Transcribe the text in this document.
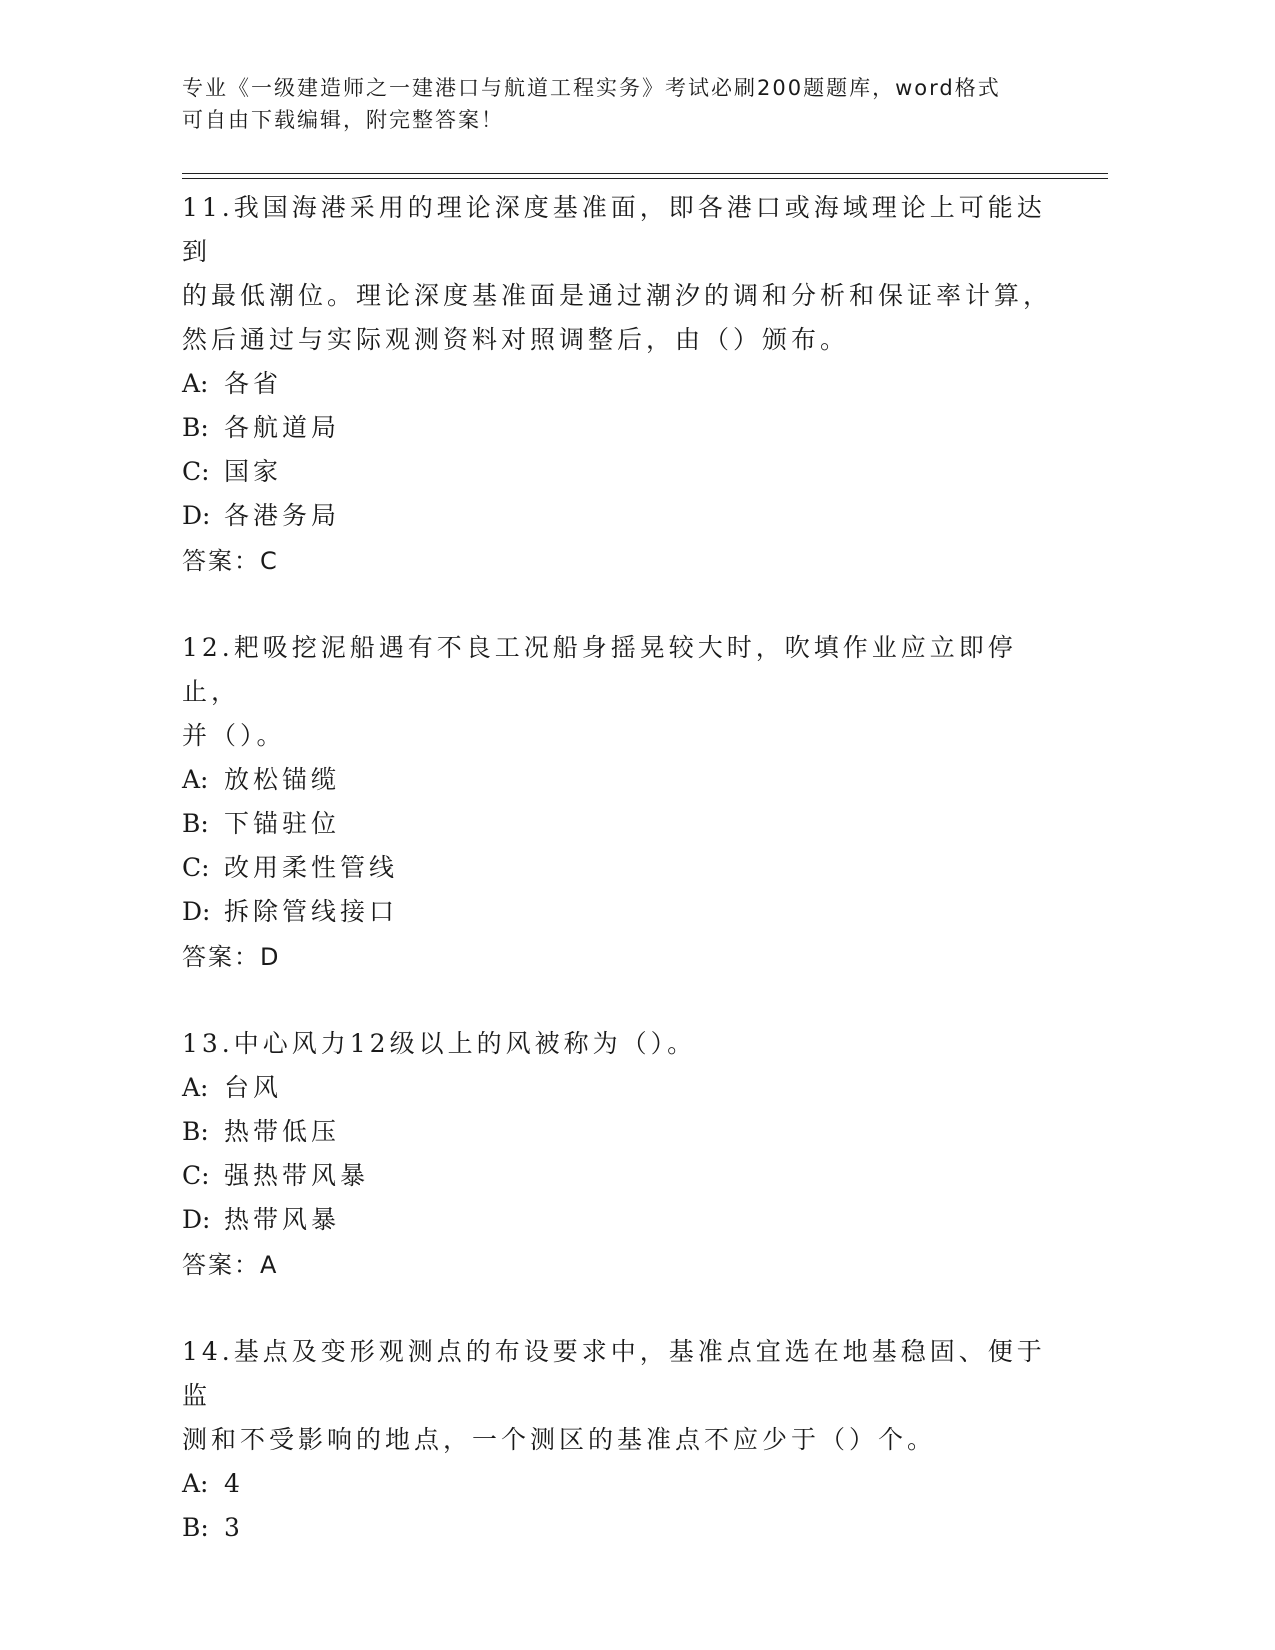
专业《一级建造师之一建港口与航道工程实务》考试必刷200题题库，word格式
可自由下载编辑，附完整答案！

11.我国海港采用的理论深度基准面，即各港口或海域理论上可能达到

的最低潮位。理论深度基准面是通过潮汐的调和分析和保证率计算，

然后通过与实际观测资料对照调整后，由（）颁布。

A: 各省

B: 各航道局

C: 国家

D: 各港务局

答案：C

12.耙吸挖泥船遇有不良工况船身摇晃较大时，吹填作业应立即停止，

并（）。

A: 放松锚缆

B: 下锚驻位

C: 改用柔性管线

D: 拆除管线接口

答案：D

13.中心风力12级以上的风被称为（）。

A: 台风

B: 热带低压

C: 强热带风暴

D: 热带风暴

答案：A

14.基点及变形观测点的布设要求中，基准点宜选在地基稳固、便于监

测和不受影响的地点，一个测区的基准点不应少于（）个。

A: 4

B: 3
